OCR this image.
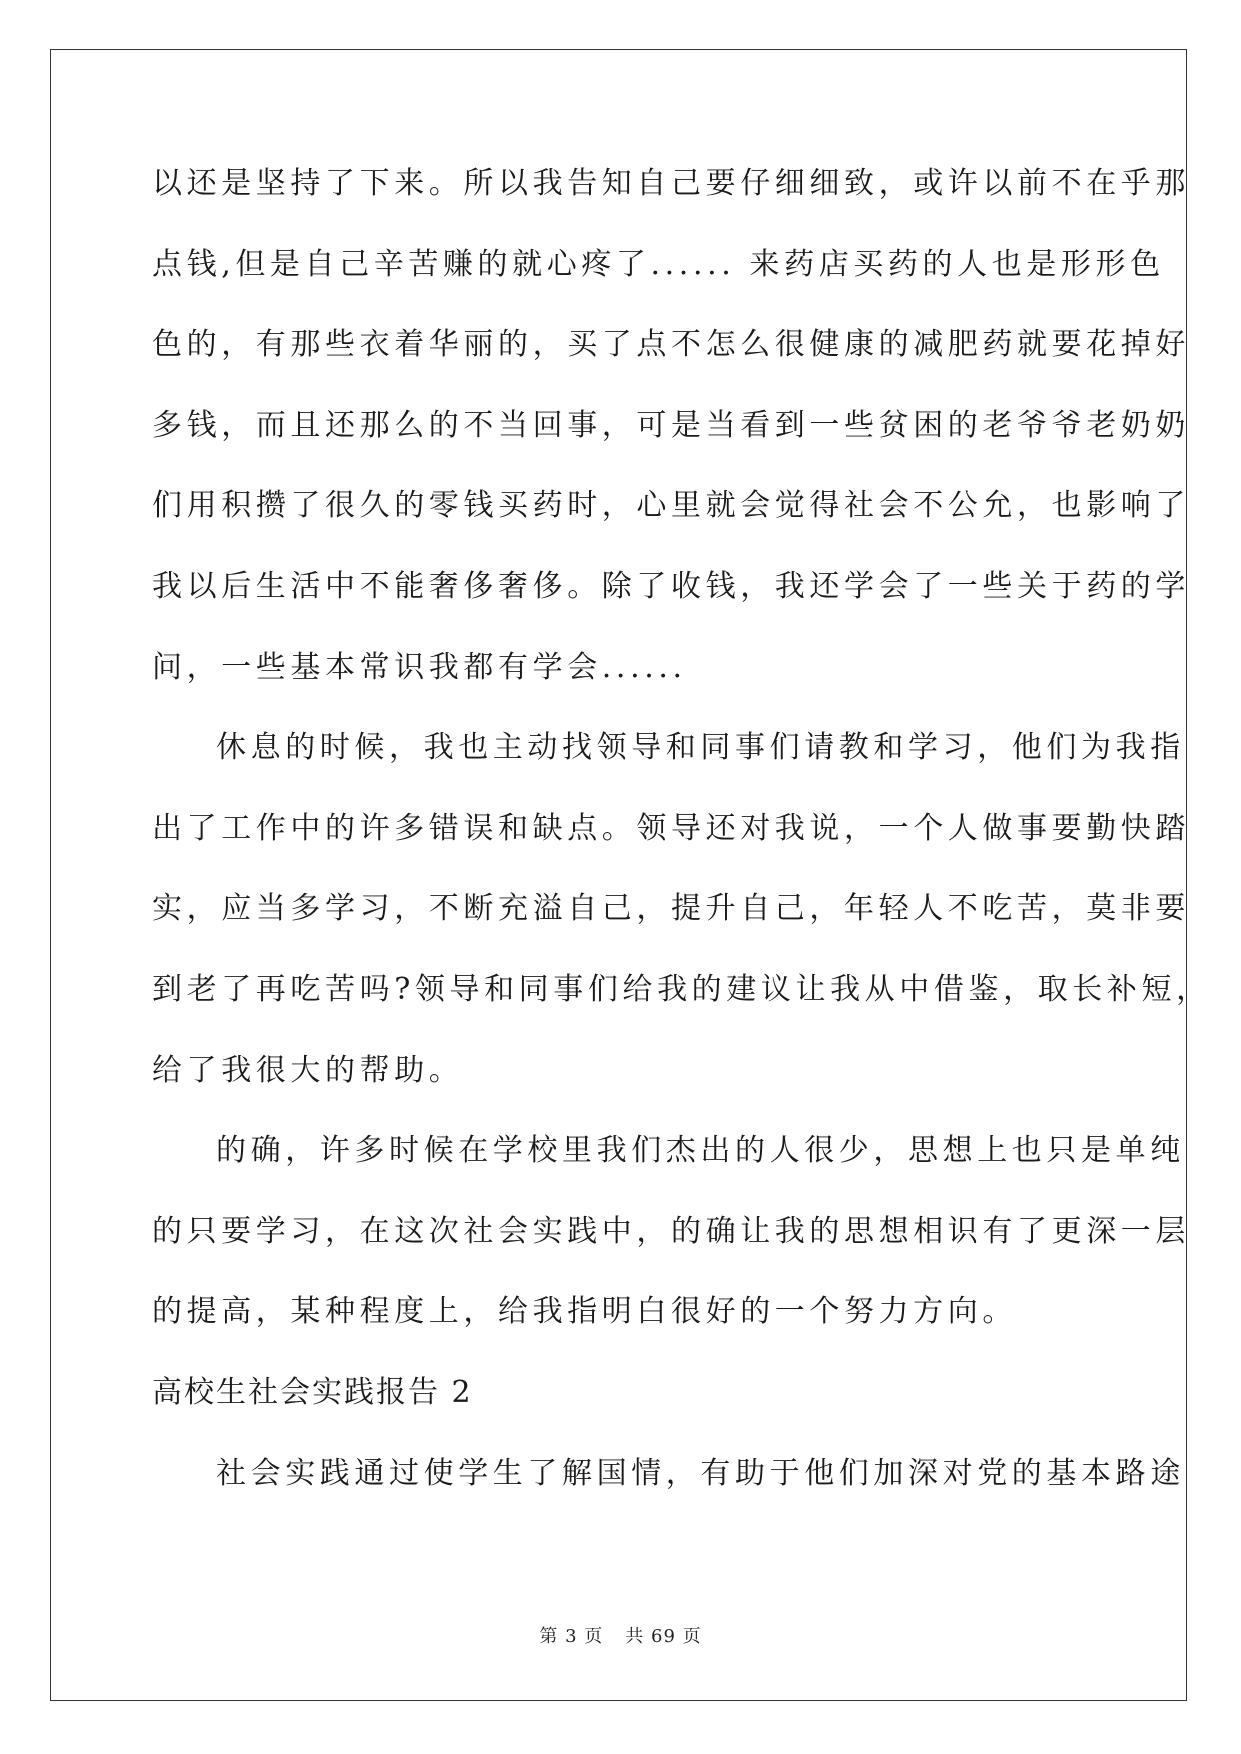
以还是坚持了下来。所以我告知自己要仔细细致，或许以前不在乎那
点钱,但是自己辛苦赚的就心疼了...... 来药店买药的人也是形形色
色的，有那些衣着华丽的，买了点不怎么很健康的减肥药就要花掉好
多钱，而且还那么的不当回事，可是当看到一些贫困的老爷爷老奶奶
们用积攒了很久的零钱买药时，心里就会觉得社会不公允，也影响了
我以后生活中不能奢侈奢侈。除了收钱，我还学会了一些关于药的学
问，一些基本常识我都有学会......
休息的时候，我也主动找领导和同事们请教和学习，他们为我指
出了工作中的许多错误和缺点。领导还对我说，一个人做事要勤快踏
实，应当多学习，不断充溢自己，提升自己，年轻人不吃苦，莫非要
到老了再吃苦吗?领导和同事们给我的建议让我从中借鉴，取长补短，
给了我很大的帮助。
的确，许多时候在学校里我们杰出的人很少，思想上也只是单纯
的只要学习，在这次社会实践中，的确让我的思想相识有了更深一层
的提高，某种程度上，给我指明白很好的一个努力方向。
高校生社会实践报告 2
社会实践通过使学生了解国情，有助于他们加深对党的基本路途
第 3 页 共 69 页
